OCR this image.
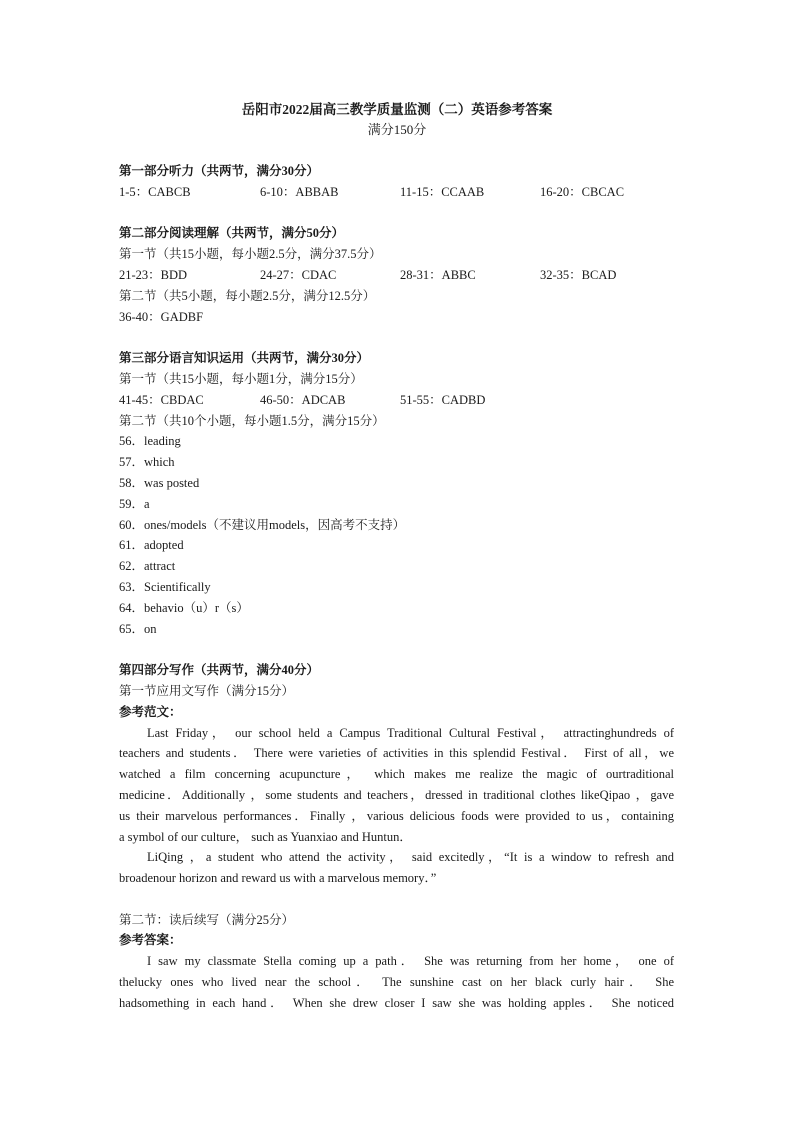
岳阳市2022届高三教学质量监测（二）英语参考答案
满分150分
第一部分听力（共两节，满分30分）
1-5：CABCB	6-10：ABBAB	11-15：CCAAB	16-20：CBCAC
第二部分阅读理解（共两节，满分50分）
第一节（共15小题，每小题2.5分，满分37.5分）
21-23：BDD	24-27：CDAC	28-31：ABBC	32-35：BCAD
第二节（共5小题，每小题2.5分，满分12.5分）
36-40：GADBF
第三部分语言知识运用（共两节，满分30分）
第一节（共15小题，每小题1分，满分15分）
41-45：CBDAC	46-50：ADCAB	51-55：CADBD
第二节（共10个小题，每小题1.5分，满分15分）
56．leading
57．which
58．was posted
59．a
60．ones/models（不建议用models，因高考不支持）
61．adopted
62．attract
63．Scientifically
64．behavio（u）r（s）
65．on
第四部分写作（共两节，满分40分）
第一节应用文写作（满分15分）
参考范文：
Last Friday， our school held a Campus Traditional Cultural Festival， attractinghundreds of
teachers and students． There were varieties of activities in this splendid Festival． First of all，we
watched a film concerning acupuncture， which makes me realize the magic of ourtraditional
medicine．Additionally ，some students and teachers，dressed in traditional clothes likeQipao ，gave
us their marvelous performances．Finally ，various delicious foods were provided to us，containing
a symbol of our culture， such as Yuanxiao and Huntun．
LiQing ，a student who attend the activity， said excitedly，“It is a window to refresh and
broadenour horizon and reward us with a marvelous memory．”
第二节：读后续写（满分25分）
参考答案：
I saw my classmate Stella coming up a path． She was returning from her home， one of
thelucky ones who lived near the school． The sunshine cast on her black curly hair． She
hadsomething in each hand． When she drew closer I saw she was holding apples． She noticed
